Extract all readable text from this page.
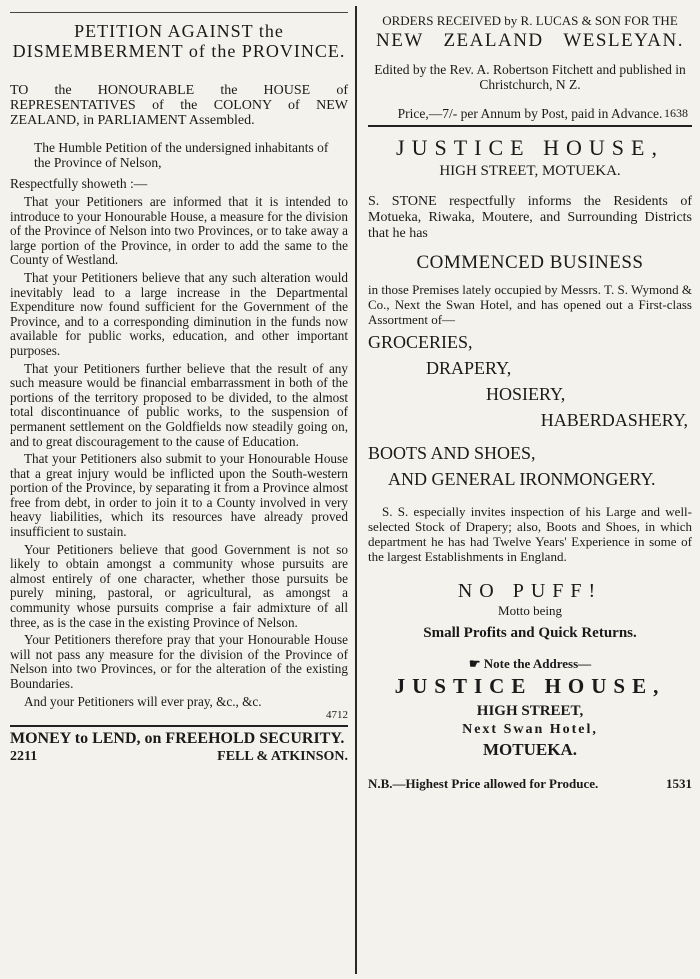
PETITION AGAINST the DISMEMBERMENT of the PROVINCE.
TO the HONOURABLE the HOUSE of REPRESENTATIVES of the COLONY of NEW ZEALAND, in PARLIAMENT Assembled.
The Humble Petition of the undersigned inhabitants of the Province of Nelson,
Respectfully showeth :—

That your Petitioners are informed that it is intended to introduce to your Honourable House, a measure for the division of the Province of Nelson into two Provinces, or to take away a large portion of the Province, in order to add the same to the County of Westland.

That your Petitioners believe that any such alteration would inevitably lead to a large increase in the Departmental Expenditure now found sufficient for the Government of the Province, and to a corresponding diminution in the funds now available for public works, education, and other important purposes.

That your Petitioners further believe that the result of any such measure would be financial embarrassment in both of the portions of the territory proposed to be divided, to the almost total discontinuance of public works, to the suspension of permanent settlement on the Goldfields now steadily going on, and to great discouragement to the cause of Education.

That your Petitioners also submit to your Honourable House that a great injury would be inflicted upon the South-western portion of the Province, by separating it from a Province almost free from debt, in order to join it to a County involved in very heavy liabilities, which its resources have already proved insufficient to sustain.

Your Petitioners believe that good Government is not so likely to obtain amongst a community whose pursuits are almost entirely of one character, whether those pursuits be purely mining, pastoral, or agricultural, as amongst a community whose pursuits comprise a fair admixture of all three, as is the case in the existing Province of Nelson.

Your Petitioners therefore pray that your Honourable House will not pass any measure for the division of the Province of Nelson into two Provinces, or for the alteration of the existing Boundaries.

And your Petitioners will ever pray, &c., &c.

4712
MONEY to LEND, on FREEHOLD SECURITY.
2211	FELL & ATKINSON.
ORDERS RECEIVED by R. LUCAS & SON FOR THE
NEW ZEALAND WESLEYAN.
Edited by the Rev. A. Robertson Fitchett and published in Christchurch, N Z.
Price,—7/- per Annum by Post, paid in Advance. 1638
JUSTICE HOUSE,
HIGH STREET, MOTUEKA.
S. STONE respectfully informs the Residents of Motueka, Riwaka, Moutere, and Surrounding Districts that he has
COMMENCED BUSINESS
in those Premises lately occupied by Messrs. T. S. Wymond & Co., Next the Swan Hotel, and has opened out a First-class Assortment of—
GROCERIES,
DRAPERY,
HOSIERY,
HABERDASHERY,
BOOTS AND SHOES,
AND GENERAL IRONMONGERY.
S. S. especially invites inspection of his Large and well-selected Stock of Drapery; also, Boots and Shoes, in which department he has had Twelve Years' Experience in some of the largest Establishments in England.
NO PUFF!
Motto being
Small Profits and Quick Returns.
☛ Note the Address—
JUSTICE HOUSE,
HIGH STREET,
Next Swan Hotel,
MOTUEKA.
N.B.—Highest Price allowed for Produce.	1531
